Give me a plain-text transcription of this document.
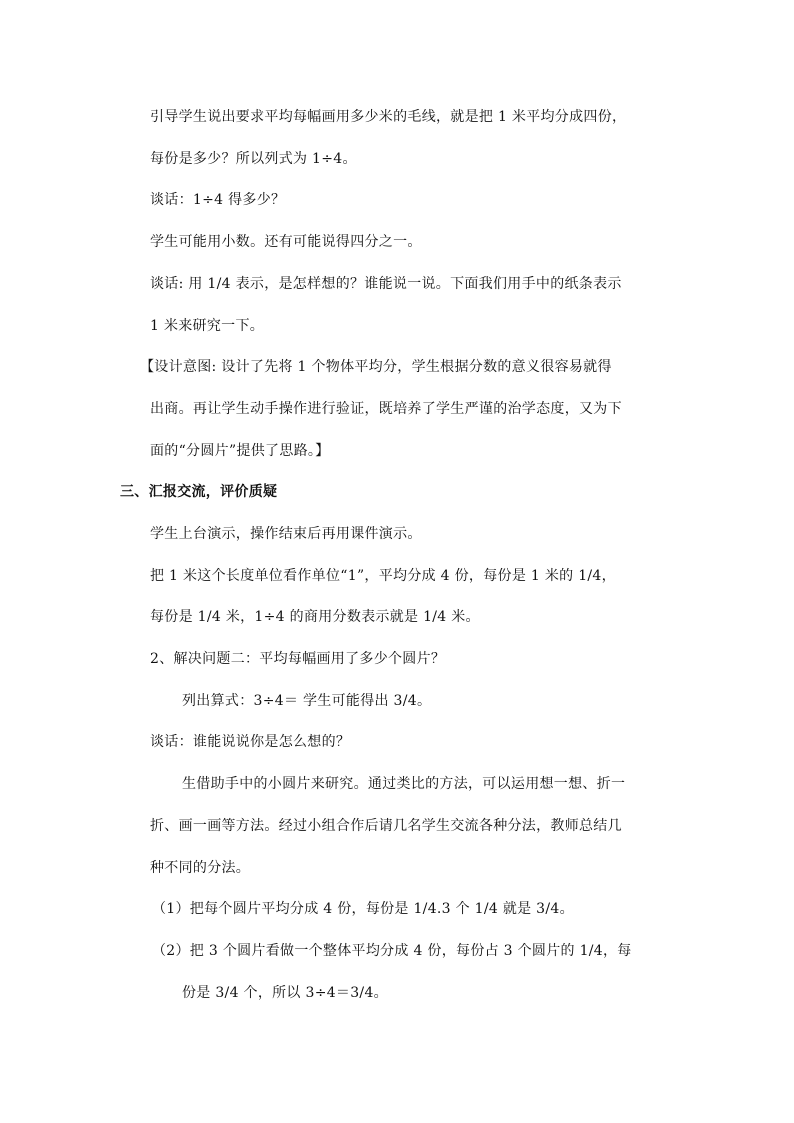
引导学生说出要求平均每幅画用多少米的毛线，就是把 1 米平均分成四份，
每份是多少？所以列式为 1÷4。
谈话：1÷4 得多少？
学生可能用小数。还有可能说得四分之一。
谈话: 用 1/4 表示，是怎样想的？谁能说一说。下面我们用手中的纸条表示
1 米来研究一下。
【设计意图: 设计了先将 1 个物体平均分，学生根据分数的意义很容易就得
出商。再让学生动手操作进行验证，既培养了学生严谨的治学态度，又为下
面的“分圆片”提供了思路。】
三、汇报交流，评价质疑
学生上台演示，操作结束后再用课件演示。
把 1 米这个长度单位看作单位“1”，平均分成 4 份，每份是 1 米的 1/4，
每份是 1/4 米，1÷4 的商用分数表示就是 1/4 米。
2、解决问题二：平均每幅画用了多少个圆片？
列出算式：3÷4＝ 学生可能得出 3/4。
谈话：谁能说说你是怎么想的？
生借助手中的小圆片来研究。通过类比的方法，可以运用想一想、折一
折、画一画等方法。经过小组合作后请几名学生交流各种分法，教师总结几
种不同的分法。
（1）把每个圆片平均分成 4 份，每份是 1/4.3 个 1/4 就是 3/4。
（2）把 3 个圆片看做一个整体平均分成 4 份，每份占 3 个圆片的 1/4，每
份是 3/4 个，所以 3÷4＝3/4。
